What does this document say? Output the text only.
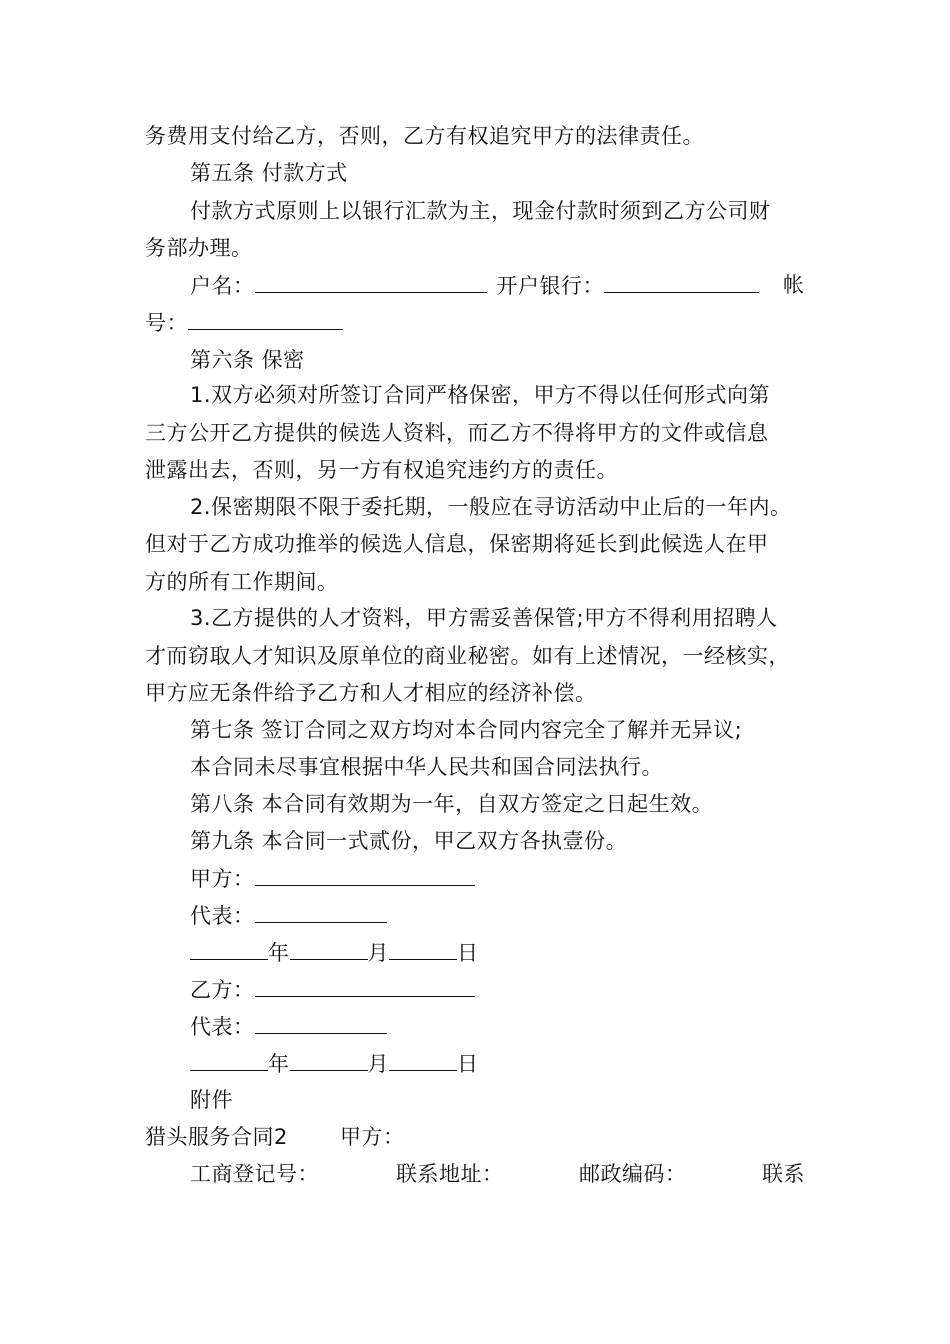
务费用支付给乙方，否则，乙方有权追究甲方的法律责任。
第五条 付款方式
付款方式原则上以银行汇款为主，现金付款时须到乙方公司财
务部办理。
户名：	开户银行：	帐
号：
第六条 保密
1.双方必须对所签订合同严格保密，甲方不得以任何形式向第
三方公开乙方提供的候选人资料，而乙方不得将甲方的文件或信息
泄露出去，否则，另一方有权追究违约方的责任。
2.保密期限不限于委托期，一般应在寻访活动中止后的一年内。
但对于乙方成功推举的候选人信息，保密期将延长到此候选人在甲
方的所有工作期间。
3.乙方提供的人才资料，甲方需妥善保管;甲方不得利用招聘人
才而窃取人才知识及原单位的商业秘密。如有上述情况，一经核实，
甲方应无条件给予乙方和人才相应的经济补偿。
第七条 签订合同之双方均对本合同内容完全了解并无异议;
本合同未尽事宜根据中华人民共和国合同法执行。
第八条 本合同有效期为一年，自双方签定之日起生效。
第九条 本合同一式贰份，甲乙双方各执壹份。
甲方：
代表：
年	月	日
乙方：
代表：
年	月	日
附件
猎头服务合同2 甲方：
工商登记号：	联系地址：	邮政编码：	联系
